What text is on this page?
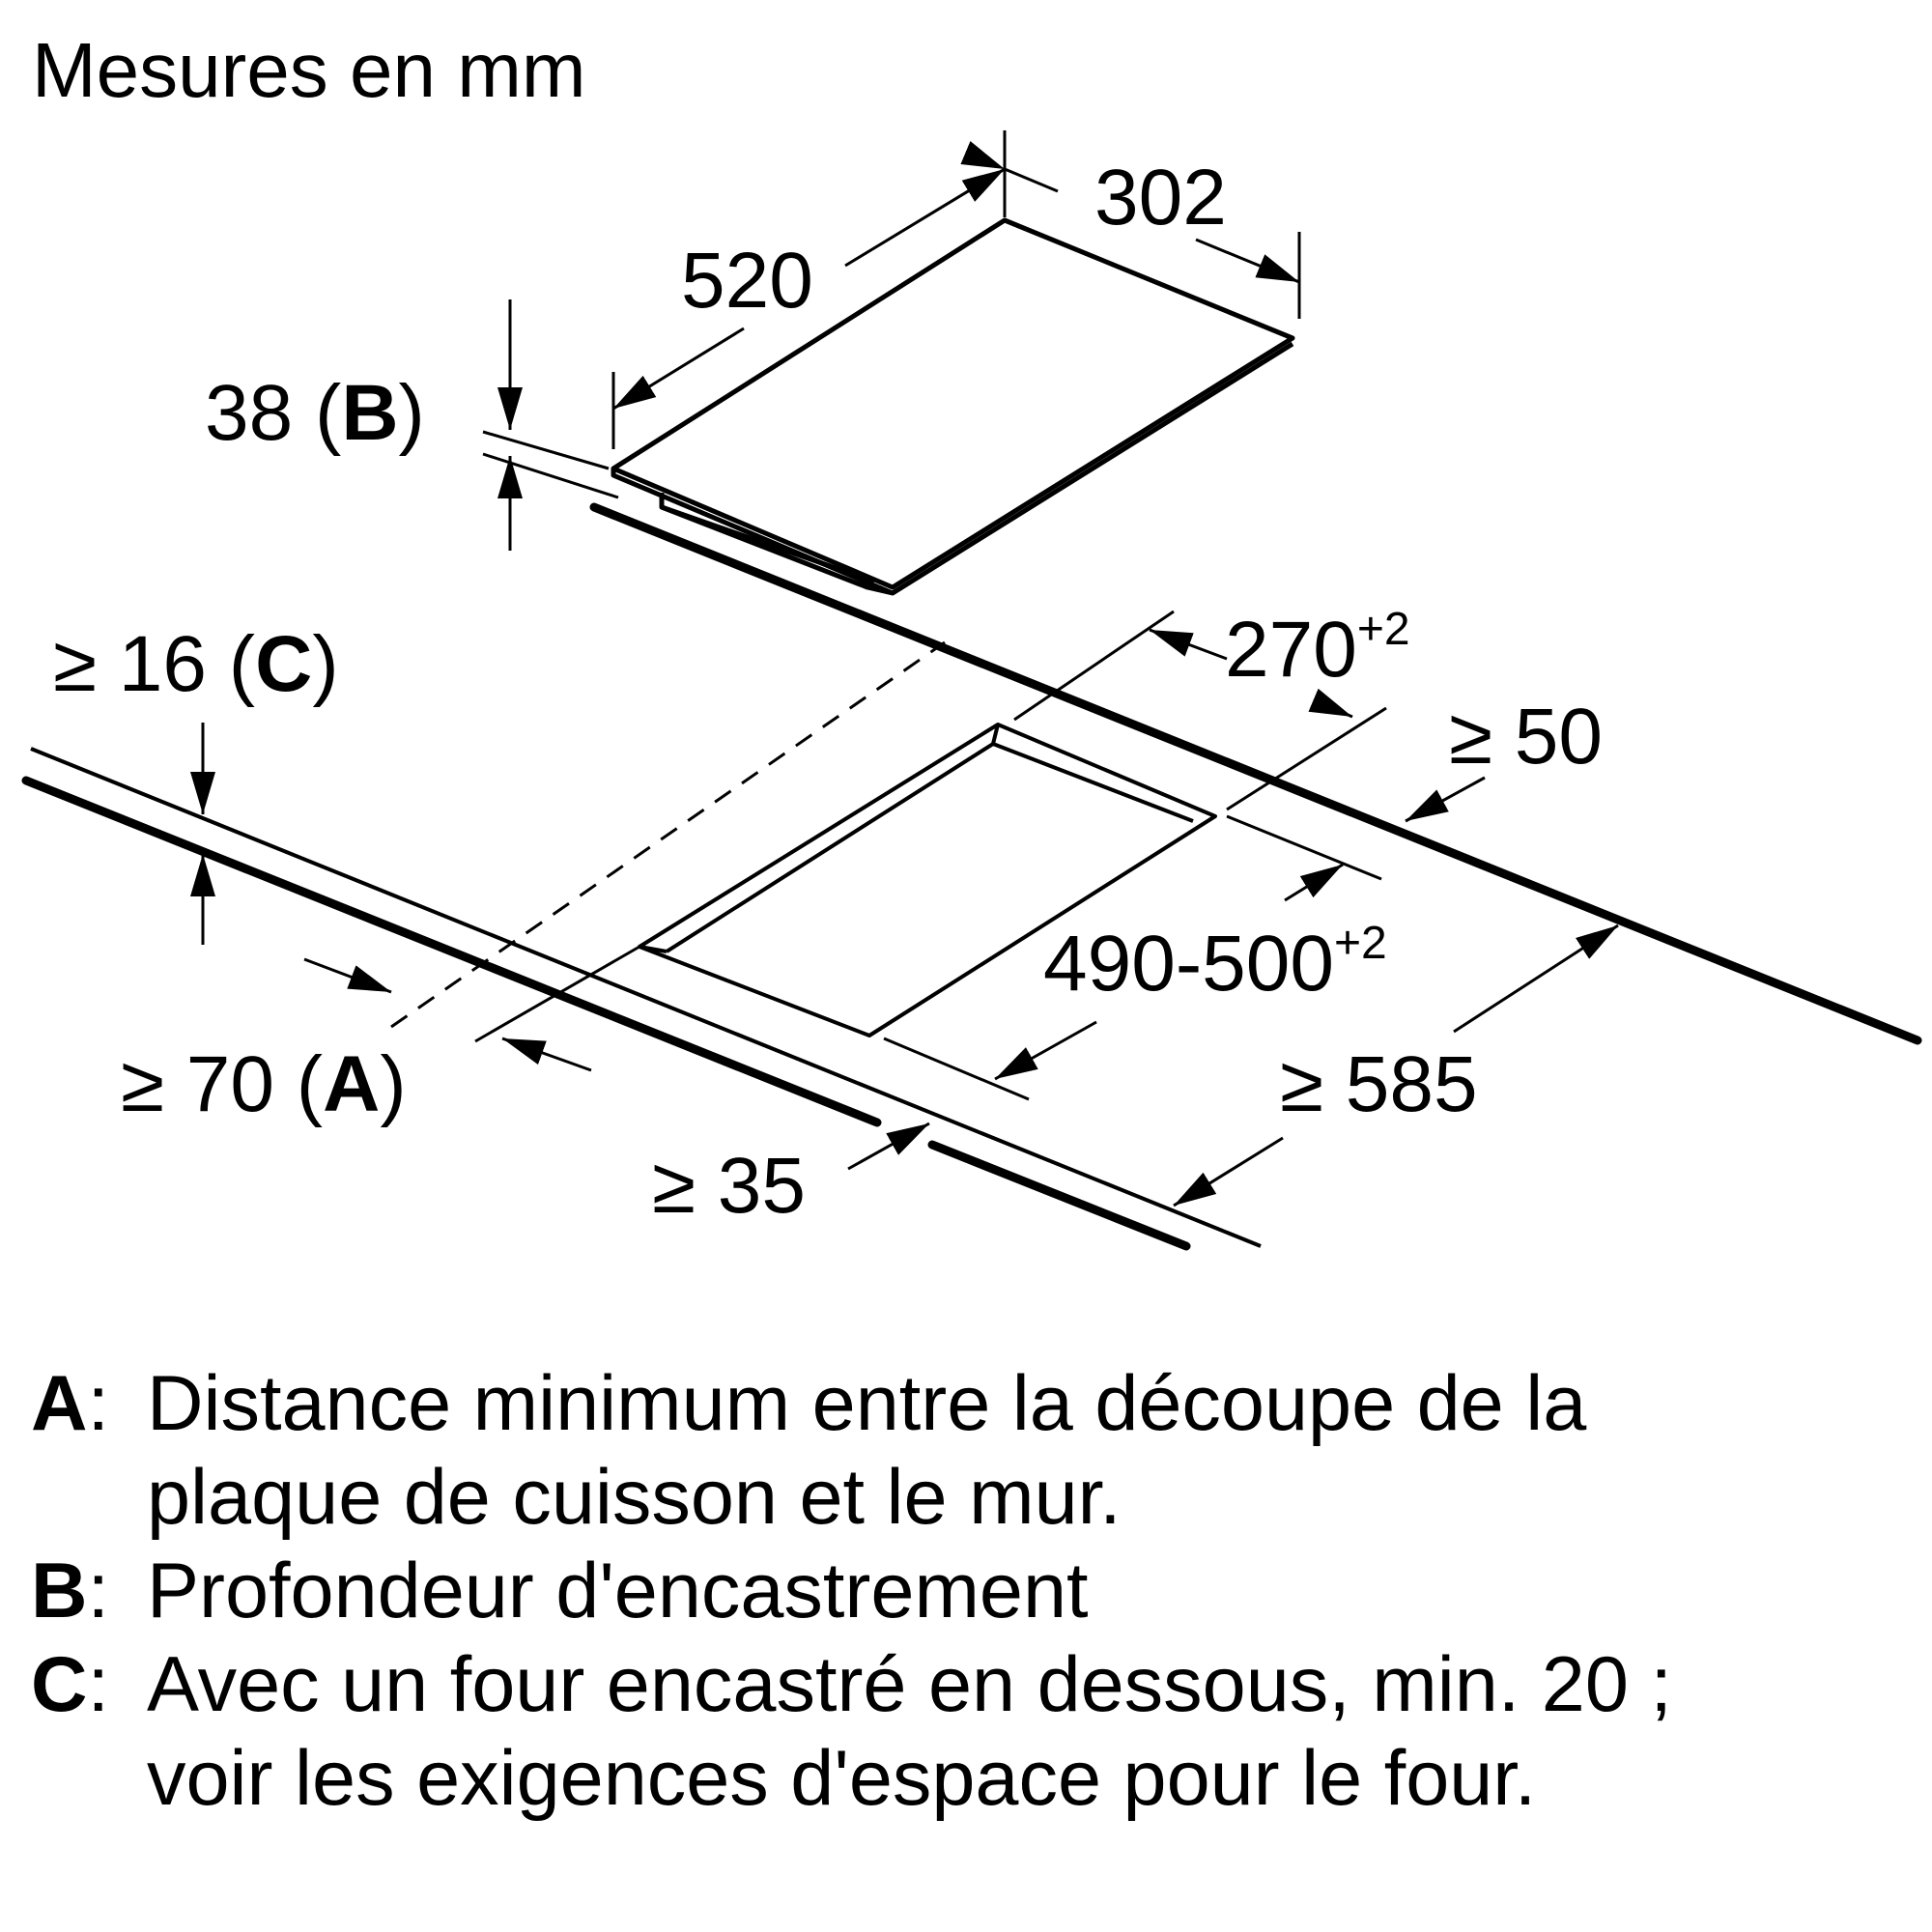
Mesures en mm
302
520
38 (B)
≥ 16 (C)	$270^{+2}$
≥ 50
$490-500^{+2}$
≥ 70 (A)	≥ 585
≥ 35
A: Distance minimum entre la découpe de la plaque de cuisson et le mur.
B: Profondeur d'encastrement
C: Avec un four encastré en dessous, min. 20 ; voir les exigences d'espace pour le four.
